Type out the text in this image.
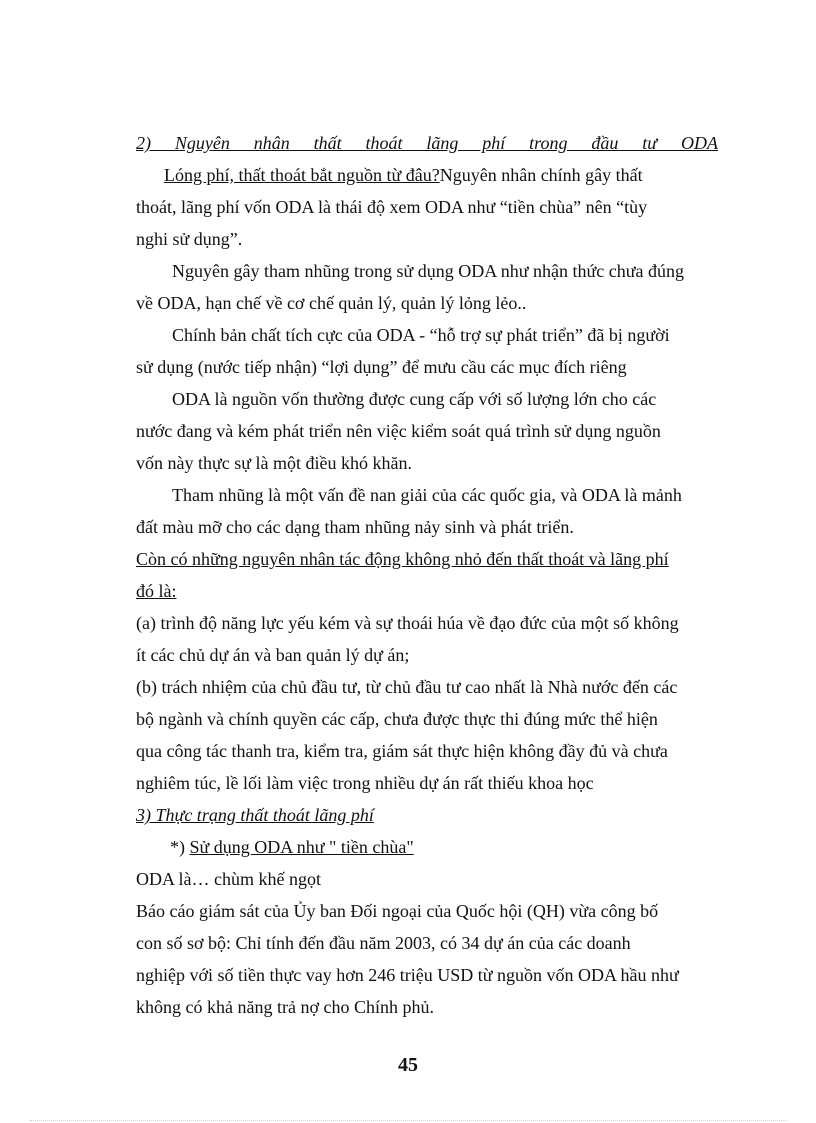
2) Nguyên nhân thất thoát lãng phí trong đầu tư ODA
Lóng phí, thất thoát bắt nguồn từ đâu?Nguyên nhân chính gây thất
thoát, lãng phí vốn ODA là thái độ xem ODA như “tiền chùa” nên “tùy
nghi sử dụng”.
Nguyên gây tham nhũng trong sử dụng ODA như nhận thức chưa đúng
về ODA, hạn chế về cơ chế quản lý, quản lý lỏng lẻo..
Chính bản chất tích cực của ODA - “hỗ trợ sự phát triển” đã bị người
sử dụng (nước tiếp nhận) “lợi dụng” để mưu cầu các mục đích riêng
ODA là nguồn vốn thường được cung cấp với số lượng lớn cho các
nước đang và kém phát triển nên việc kiểm soát quá trình sử dụng nguồn
vốn này thực sự là một điều khó khăn.
Tham nhũng là một vấn đề nan giải của các quốc gia, và ODA là mảnh
đất màu mỡ cho các dạng tham nhũng nảy sinh và phát triển.
Còn có những nguyên nhân tác động không nhỏ đến thất thoát và lãng phí
đó là:
(a) trình độ năng lực yếu kém và sự thoái húa về đạo đức của một số không
ít các chủ dự án và ban quản lý dự án;
(b) trách nhiệm của chủ đầu tư, từ chủ đầu tư cao nhất là Nhà nước đến các
bộ ngành và chính quyền các cấp, chưa được thực thi đúng mức thể hiện
qua công tác thanh tra, kiểm tra, giám sát thực hiện không đầy đủ và chưa
nghiêm túc, lề lối làm việc trong nhiều dự án rất thiếu khoa học
3) Thực trạng thất thoát lãng phí
*) Sử dụng ODA như " tiền chùa"
ODA là… chùm khế ngọt
Báo cáo giám sát của Ủy ban Đối ngoại của Quốc hội (QH) vừa công bố
con số sơ bộ: Chỉ tính đến đầu năm 2003, có 34 dự án của các doanh
nghiệp với số tiền thực vay hơn 246 triệu USD từ nguồn vốn ODA hầu như
không có khả năng trả nợ cho Chính phủ.
45
